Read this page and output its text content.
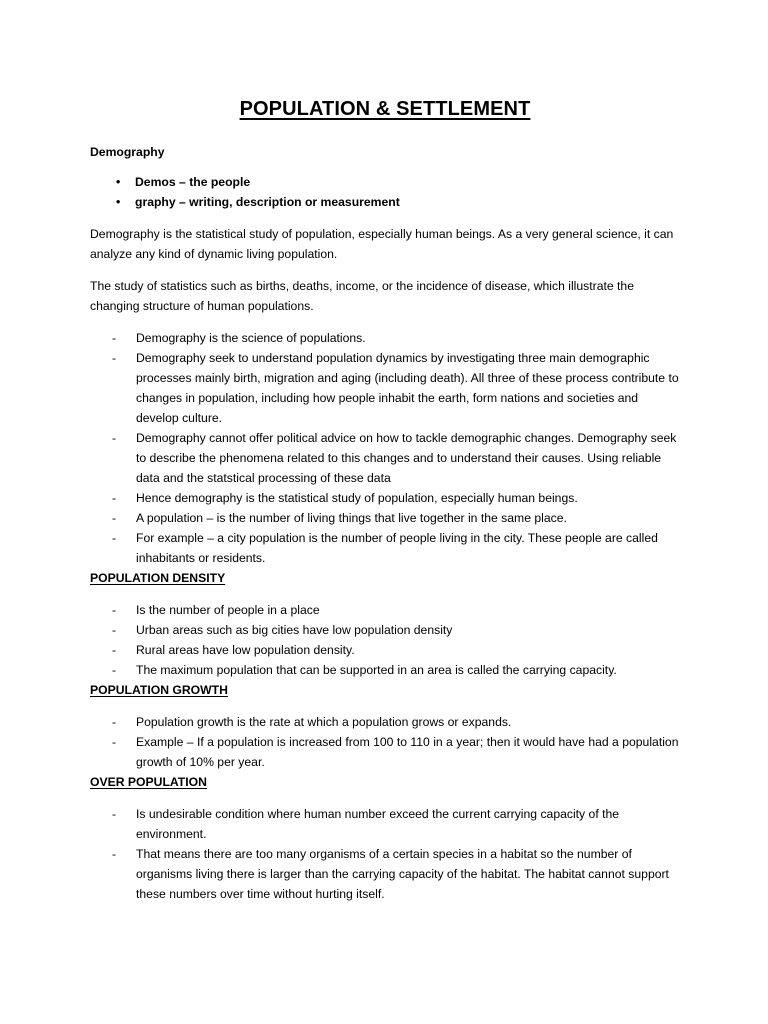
POPULATION & SETTLEMENT
Demography
• Demos – the people
• graphy – writing, description or measurement

Demography is the statistical study of population, especially human beings. As a very general science, it can analyze any kind of dynamic living population.

The study of statistics such as births, deaths, income, or the incidence of disease, which illustrate the changing structure of human populations.

- Demography is the science of populations.
- Demography seek to understand population dynamics by investigating three main demographic processes mainly birth, migration and aging (including death). All three of these process contribute to changes in population, including how people inhabit the earth, form nations and societies and develop culture.
- Demography cannot offer political advice on how to tackle demographic changes. Demography seek to describe the phenomena related to this changes and to understand their causes. Using reliable data and the statstical processing of these data
- Hence demography is the statistical study of population, especially human beings.
- A population – is the number of living things that live together in the same place.
- For example – a city population is the number of people living in the city. These people are called inhabitants or residents.
POPULATION DENSITY
- Is the number of people in a place
- Urban areas such as big cities have low population density
- Rural areas have low population density.
- The maximum population that can be supported in an area is called the carrying capacity.
POPULATION GROWTH
- Population growth is the rate at which a population grows or expands.
- Example – If a population is increased from 100 to 110 in a year; then it would have had a population growth of 10% per year.
OVER POPULATION
- Is undesirable condition where human number exceed the current carrying capacity of the environment.
- That means there are too many organisms of a certain species in a habitat so the number of organisms living there is larger than the carrying capacity of the habitat. The habitat cannot support these numbers over time without hurting itself.
